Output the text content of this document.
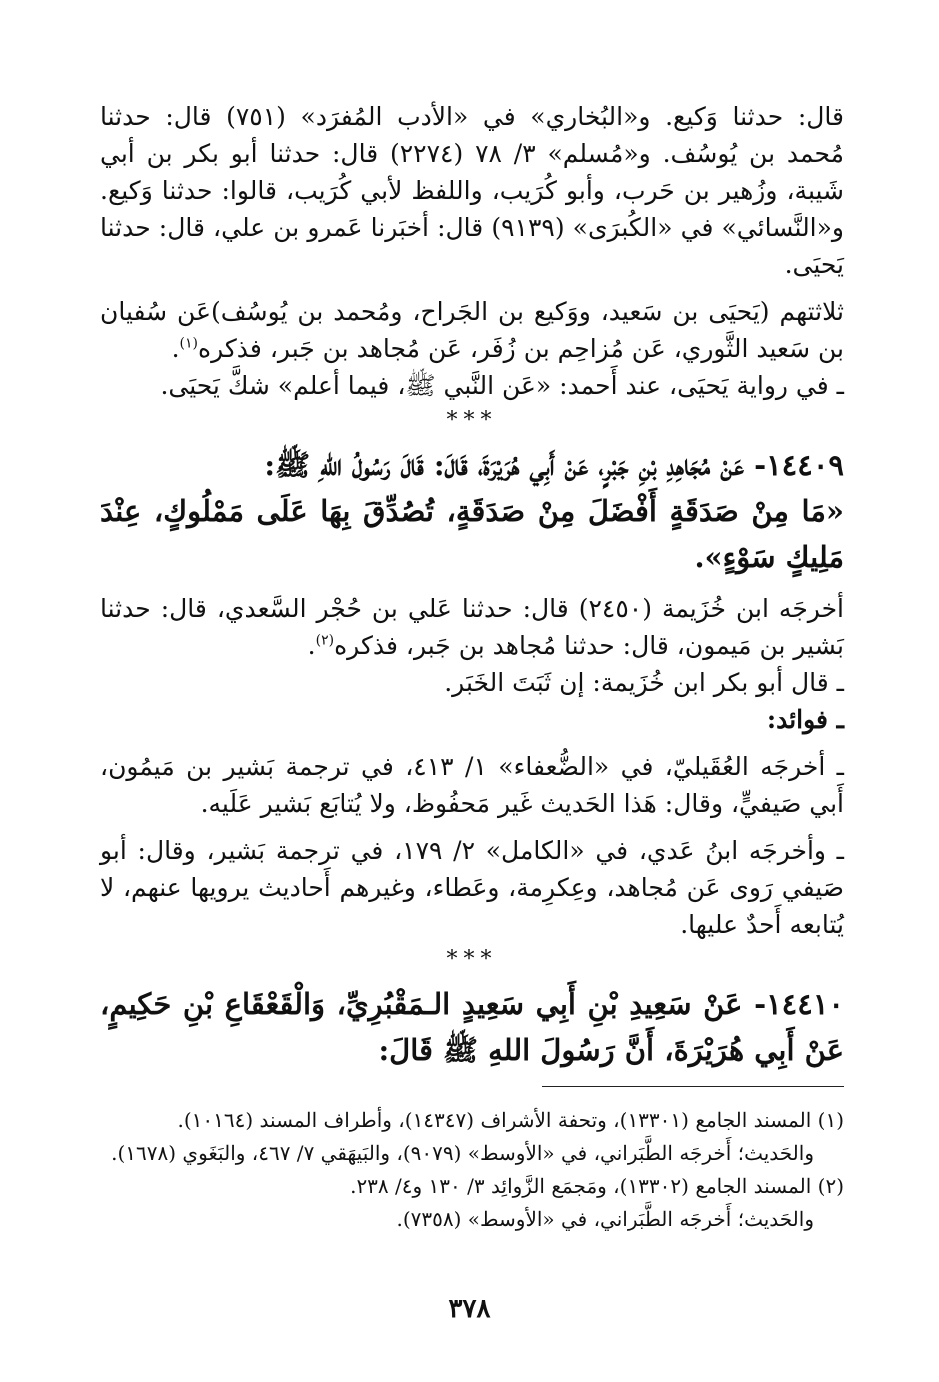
قال: حدثنا وَكيع. و«البُخاري» في «الأدب المُفرَد» (٧٥١) قال: حدثنا مُحمد بن يُوسُف. و«مُسلم» ٣/ ٧٨ (٢٢٧٤) قال: حدثنا أبو بكر بن أبي شَيبة، وزُهير بن حَرب، وأبو كُرَيب، واللفظ لأبي كُرَيب، قالوا: حدثنا وَكيع. و«النَّسائي» في «الكُبرَى» (٩١٣٩) قال: أخبَرنا عَمرو بن علي، قال: حدثنا يَحيَى.

ثلاثتهم (يَحيَى بن سَعيد، ووَكيع بن الجَراح، ومُحمد بن يُوسُف)عَن سُفيان بن سَعيد الثَّوري، عَن مُزاحِم بن زُفَر، عَن مُجاهد بن جَبر، فذكره$^{(١)}$.

ـ في رواية يَحيَى، عند أَحمد: «عَن النَّبي ﷺ، فيما أعلم» شكَّ يَحيَى.

***

١٤٤٠٩- عَنْ مُجَاهِدِ بْنِ جَبْرٍ، عَنْ أَبِي هُرَيْرَةَ، قَالَ: قَالَ رَسُولُ اللهِ ﷺ:

«مَا مِنْ صَدَقَةٍ أَفْضَلَ مِنْ صَدَقَةٍ، تُصُدِّقَ بِهَا عَلَى مَمْلُوكٍ، عِنْدَ مَلِيكٍ سَوْءٍ».

أخرجَه ابن خُزَيمة (٢٤٥٠) قال: حدثنا عَلي بن حُجْر السَّعدي، قال: حدثنا بَشير بن مَيمون، قال: حدثنا مُجاهد بن جَبر، فذكره$^{(٢)}$.

ـ قال أبو بكر ابن خُزَيمة: إن ثَبَتَ الخَبَر.

ـ فوائد:

ـ أخرجَه العُقَيليّ، في «الضُّعفاء» ١/ ٤١٣، في ترجمة بَشير بن مَيمُون، أَبي صَيفيٍّ، وقال: هَذا الحَديث غَير مَحفُوظ، ولا يُتابَع بَشير عَلَيه.

ـ وأخرجَه ابنُ عَدي، في «الكامل» ٢/ ١٧٩، في ترجمة بَشير، وقال: أبو صَيفي رَوى عَن مُجاهد، وعِكرِمة، وعَطاء، وغيرهم أَحاديث يرويها عنهم، لا يُتابعه أَحدٌ عليها.

***

١٤٤١٠- عَنْ سَعِيدِ بْنِ أَبِي سَعِيدٍ الـمَقْبُرِيِّ، وَالْقَعْقَاعِ بْنِ حَكِيمٍ، عَنْ أَبِي هُرَيْرَةَ، أَنَّ رَسُولَ اللهِ ﷺ قَالَ:

(١) المسند الجامع (١٣٣٠١)، وتحفة الأشراف (١٤٣٤٧)، وأطراف المسند (١٠١٦٤).

والحَديث؛ أَخرجَه الطَّبَراني، في «الأوسط» (٩٠٧٩)، والبَيهَقي ٧/ ٤٦٧، والبَغَوي (١٦٧٨).

(٢) المسند الجامع (١٣٣٠٢)، ومَجمَع الزَّوائِد ٣/ ١٣٠ و٤/ ٢٣٨.

والحَديث؛ أَخرجَه الطَّبَراني، في «الأوسط» (٧٣٥٨).

٣٧٨
